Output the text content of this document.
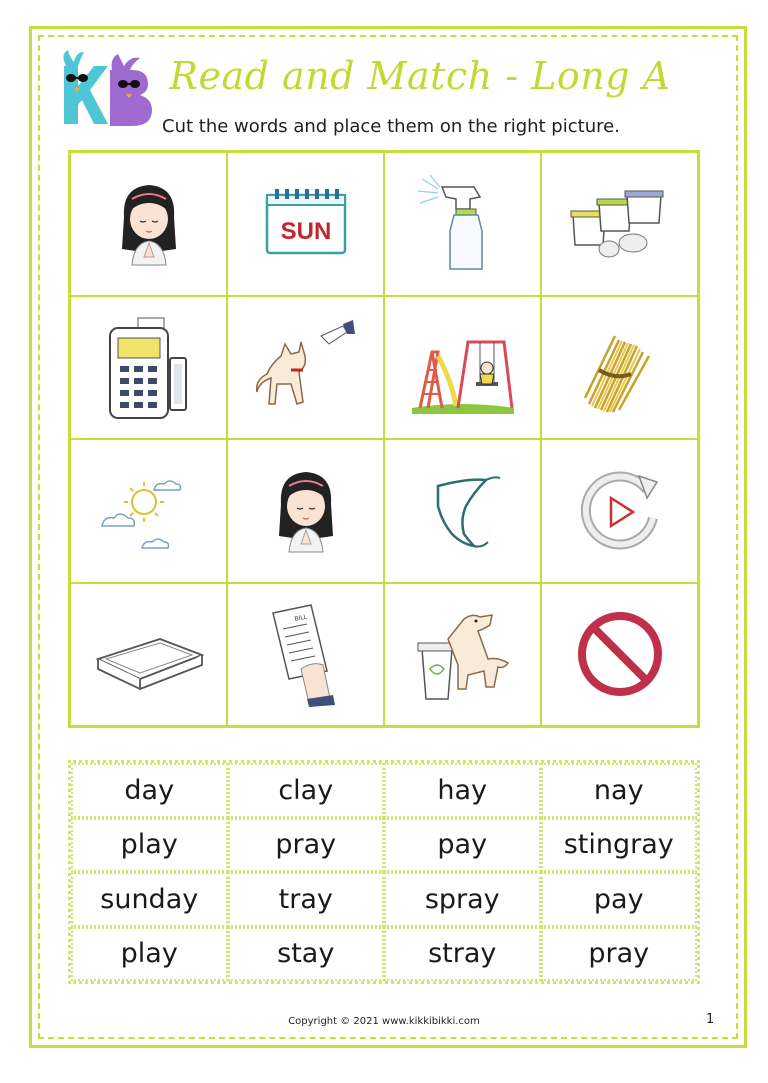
Read and Match - Long A
Cut the words and place them on the right picture.
SUN
BILL
day	clay	hay	nay
play	pray	pay	stingray
sunday	tray	spray	pay
play	stay	stray	pray
Copyright © 2021 www.kikkibikki.com	1
